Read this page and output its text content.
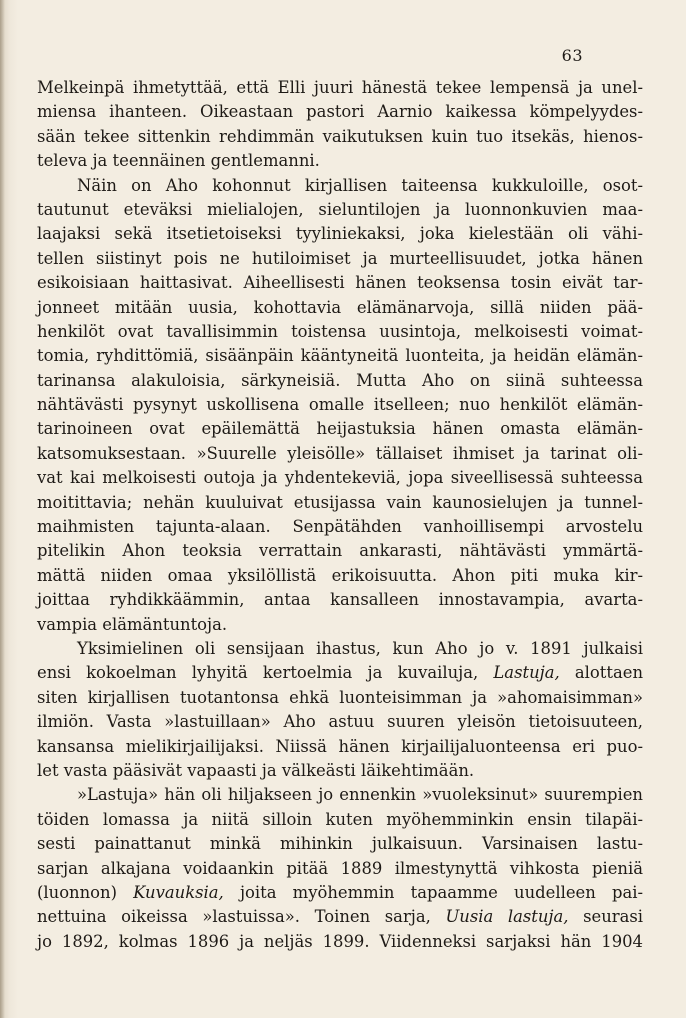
63
Melkeinpä ihmetyttää, että Elli juuri hänestä tekee lempensä ja unel-
miensa ihanteen. Oikeastaan pastori Aarnio kaikessa kömpelyydes-
sään tekee sittenkin rehdimmän vaikutuksen kuin tuo itsekäs, hienos-
televa ja teennäinen gentlemanni.
Näin on Aho kohonnut kirjallisen taiteensa kukkuloille, osot-
tautunut eteväksi mielialojen, sieluntilojen ja luonnonkuvien maa-
laajaksi sekä itsetietoiseksi tyyliniekaksi, joka kielestään oli vähi-
tellen siistinyt pois ne hutiloimiset ja murteellisuudet, jotka hänen
esikoisiaan haittasivat. Aiheellisesti hänen teoksensa tosin eivät tar-
jonneet mitään uusia, kohottavia elämänarvoja, sillä niiden pää-
henkilöt ovat tavallisimmin toistensa uusintoja, melkoisesti voimat-
tomia, ryhdittömiä, sisäänpäin kääntyneitä luonteita, ja heidän elämän-
tarinansa alakuloisia, särkyneisiä. Mutta Aho on siinä suhteessa
nähtävästi pysynyt uskollisena omalle itselleen; nuo henkilöt elämän-
tarinoineen ovat epäilemättä heijastuksia hänen omasta elämän-
katsomuksestaan. »Suurelle yleisölle» tällaiset ihmiset ja tarinat oli-
vat kai melkoisesti outoja ja yhdentekeviä, jopa siveellisessä suhteessa
moitittavia; nehän kuuluivat etusijassa vain kaunosielujen ja tunnel-
maihmisten tajunta-alaan. Senpätähden vanhoillisempi arvostelu
pitelikin Ahon teoksia verrattain ankarasti, nähtävästi ymmärtä-
mättä niiden omaa yksilöllistä erikoisuutta. Ahon piti muka kir-
joittaa ryhdikkäämmin, antaa kansalleen innostavampia, avarta-
vampia elämäntuntoja.
Yksimielinen oli sensijaan ihastus, kun Aho jo v. 1891 julkaisi
ensi kokoelman lyhyitä kertoelmia ja kuvailuja, Lastuja, alottaen
siten kirjallisen tuotantonsa ehkä luonteisimman ja »ahomaisimman»
ilmiön. Vasta »lastuillaan» Aho astuu suuren yleisön tietoisuuteen,
kansansa mielikirjailijaksi. Niissä hänen kirjailijaluonteensa eri puo-
let vasta pääsivät vapaasti ja välkeästi läikehtimään.
»Lastuja» hän oli hiljakseen jo ennenkin »vuoleksinut» suurempien
töiden lomassa ja niitä silloin kuten myöhemminkin ensin tilapäi-
sesti painattanut minkä mihinkin julkaisuun. Varsinaisen lastu-
sarjan alkajana voidaankin pitää 1889 ilmestynyttä vihkosta pieniä
(luonnon) Kuvauksia, joita myöhemmin tapaamme uudelleen pai-
nettuina oikeissa »lastuissa». Toinen sarja, Uusia lastuja, seurasi
jo 1892, kolmas 1896 ja neljäs 1899. Viidenneksi sarjaksi hän 1904
